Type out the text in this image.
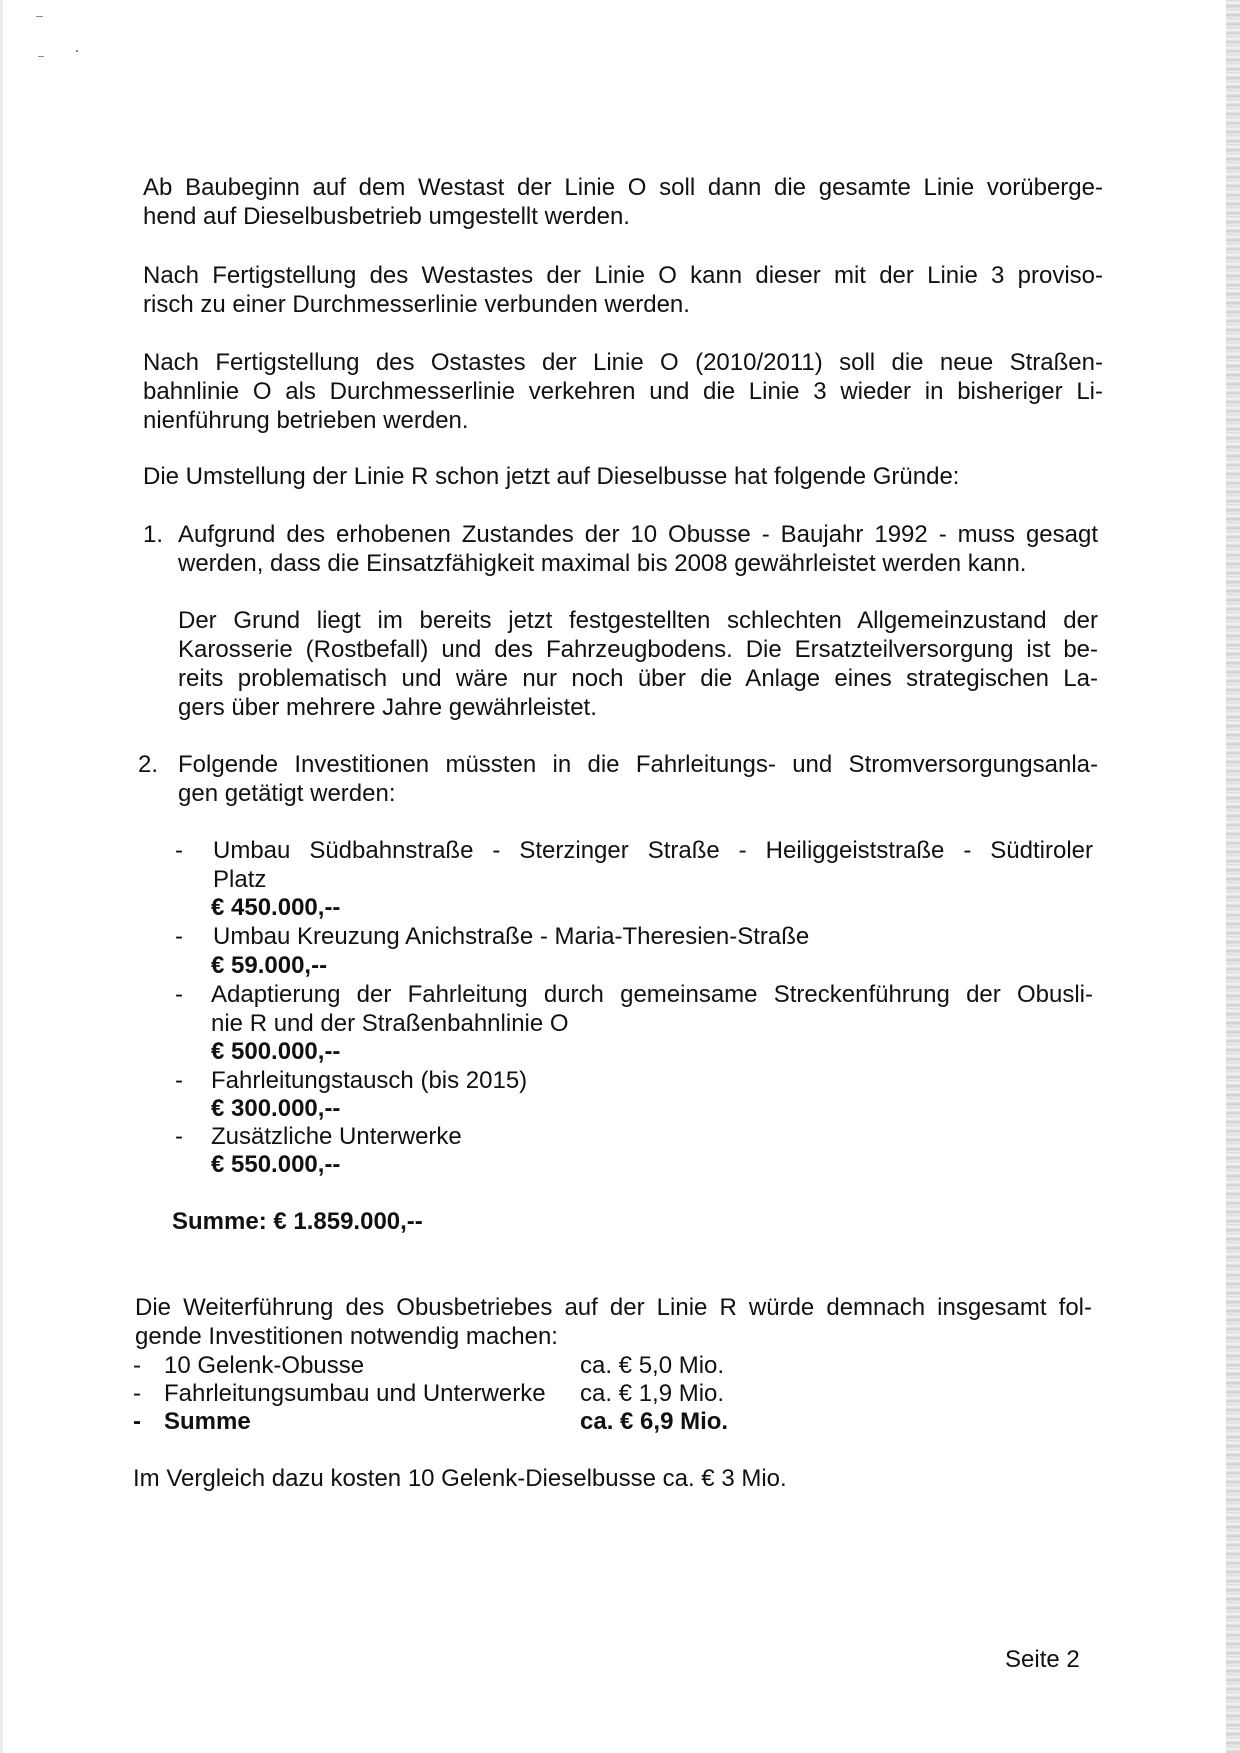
Ab Baubeginn auf dem Westast der Linie O soll dann die gesamte Linie vorüberge-
hend auf Dieselbusbetrieb umgestellt werden.
Nach Fertigstellung des Westastes der Linie O kann dieser mit der Linie 3 proviso-
risch zu einer Durchmesserlinie verbunden werden.
Nach Fertigstellung des Ostastes der Linie O (2010/2011) soll die neue Straßen-
bahnlinie O als Durchmesserlinie verkehren und die Linie 3 wieder in bisheriger Li-
nienführung betrieben werden.
Die Umstellung der Linie R schon jetzt auf Dieselbusse hat folgende Gründe:
1. Aufgrund des erhobenen Zustandes der 10 Obusse - Baujahr 1992 - muss gesagt
werden, dass die Einsatzfähigkeit maximal bis 2008 gewährleistet werden kann.
Der Grund liegt im bereits jetzt festgestellten schlechten Allgemeinzustand der
Karosserie (Rostbefall) und des Fahrzeugbodens. Die Ersatzteilversorgung ist be-
reits problematisch und wäre nur noch über die Anlage eines strategischen La-
gers über mehrere Jahre gewährleistet.
2. Folgende Investitionen müssten in die Fahrleitungs- und Stromversorgungsanla-
gen getätigt werden:
- Umbau Südbahnstraße - Sterzinger Straße - Heiliggeiststraße - Südtiroler
Platz
€ 450.000,--
- Umbau Kreuzung Anichstraße - Maria-Theresien-Straße
€ 59.000,--
- Adaptierung der Fahrleitung durch gemeinsame Streckenführung der Obusli-
nie R und der Straßenbahnlinie O
€ 500.000,--
- Fahrleitungstausch (bis 2015)
€ 300.000,--
- Zusätzliche Unterwerke
€ 550.000,--
Summe: € 1.859.000,--
Die Weiterführung des Obusbetriebes auf der Linie R würde demnach insgesamt fol-
gende Investitionen notwendig machen:
- 10 Gelenk-Obusse	ca. € 5,0 Mio.
- Fahrleitungsumbau und Unterwerke ca. € 1,9 Mio.
- Summe	ca. € 6,9 Mio.
Im Vergleich dazu kosten 10 Gelenk-Dieselbusse ca. € 3 Mio.
Seite 2
